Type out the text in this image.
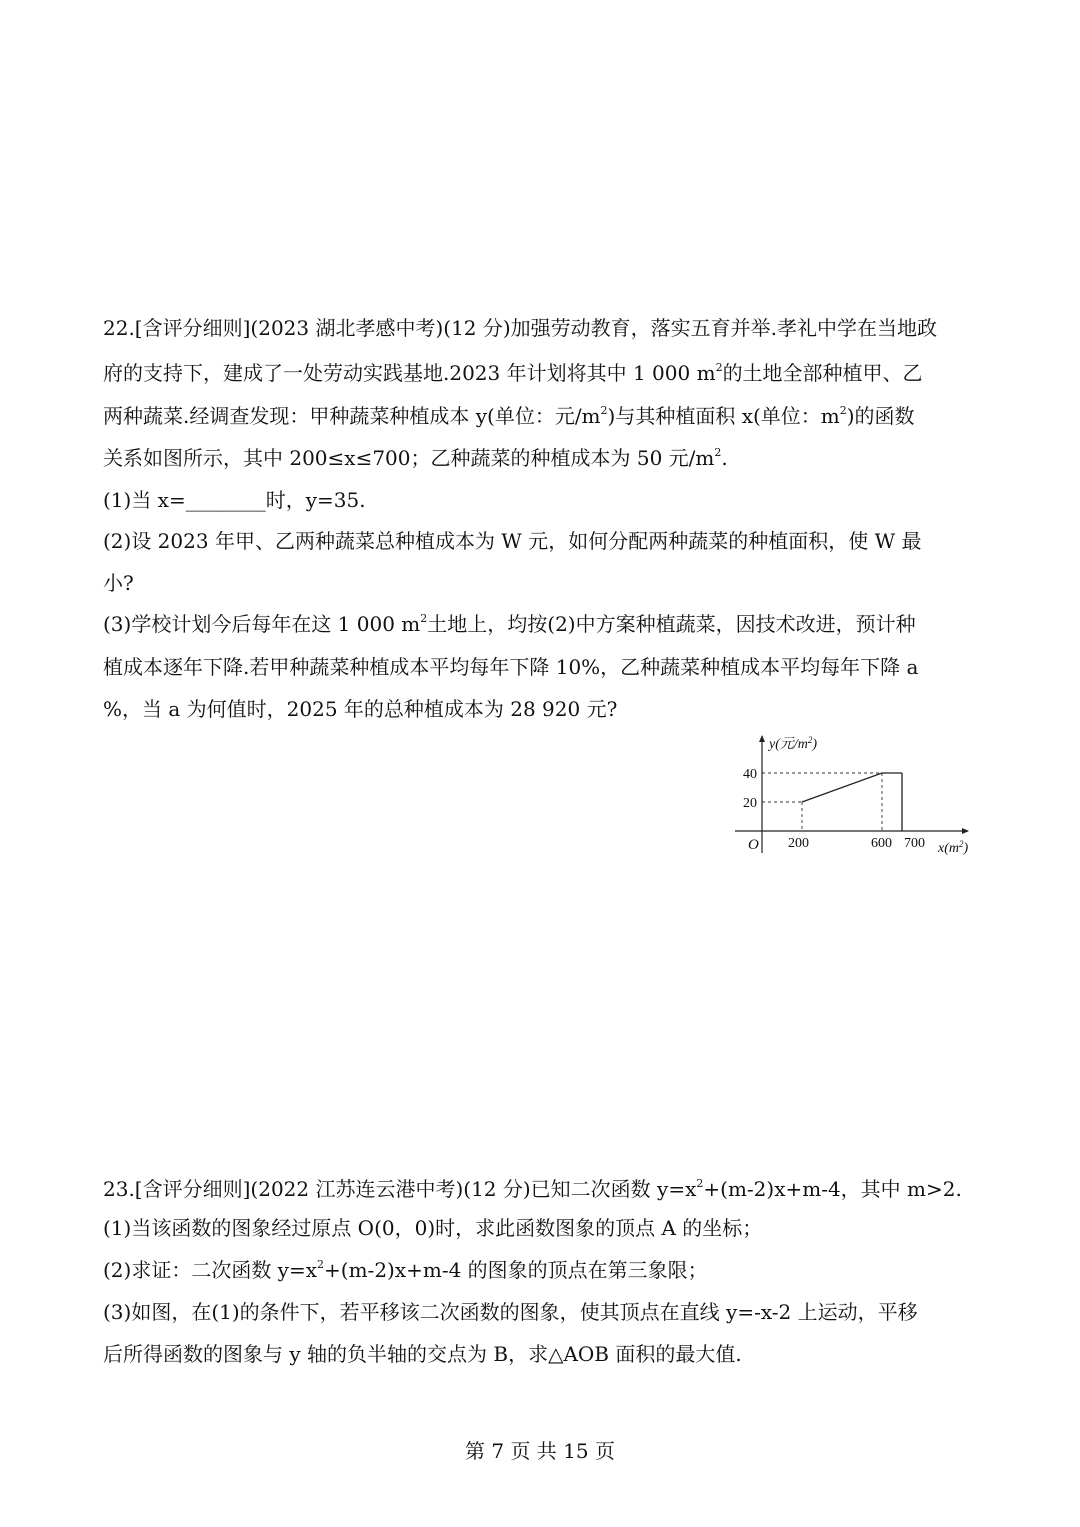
22.[含评分细则](2023 湖北孝感中考)(12 分)加强劳动教育，落实五育并举.孝礼中学在当地政
府的支持下，建成了一处劳动实践基地.2023 年计划将其中 1 000 $m^2$的土地全部种植甲、乙
两种蔬菜.经调查发现：甲种蔬菜种植成本 y(单位：元$/m^2$)与其种植面积 x(单位：$m^2$)的函数
关系如图所示，其中 200≤x≤700；乙种蔬菜的种植成本为 50 元$/m^2$.
(1)当 x=________时，y=35.
(2)设 2023 年甲、乙两种蔬菜总种植成本为 W 元，如何分配两种蔬菜的种植面积，使 W 最
小?
(3)学校计划今后每年在这 1 000 $m^2$土地上，均按(2)中方案种植蔬菜，因技术改进，预计种
植成本逐年下降.若甲种蔬菜种植成本平均每年下降 10%，乙种蔬菜种植成本平均每年下降 a
%，当 a 为何值时，2025 年的总种植成本为 28 920 元?
y(元$/m^2$)
$x(m^2)$
O 200	600 700
20
40
23.[含评分细则](2022 江苏连云港中考)(12 分)已知二次函数 $y=x^2+(m-2)x+m-4$，其中 m>2.
(1)当该函数的图象经过原点 O(0，0)时，求此函数图象的顶点 A 的坐标；
(2)求证：二次函数 $y=x^2+(m-2)x+m-4$ 的图象的顶点在第三象限；
(3)如图，在(1)的条件下，若平移该二次函数的图象，使其顶点在直线 y=-x-2 上运动，平移
后所得函数的图象与 y 轴的负半轴的交点为 B，求△AOB 面积的最大值.
第 7 页 共 15 页
